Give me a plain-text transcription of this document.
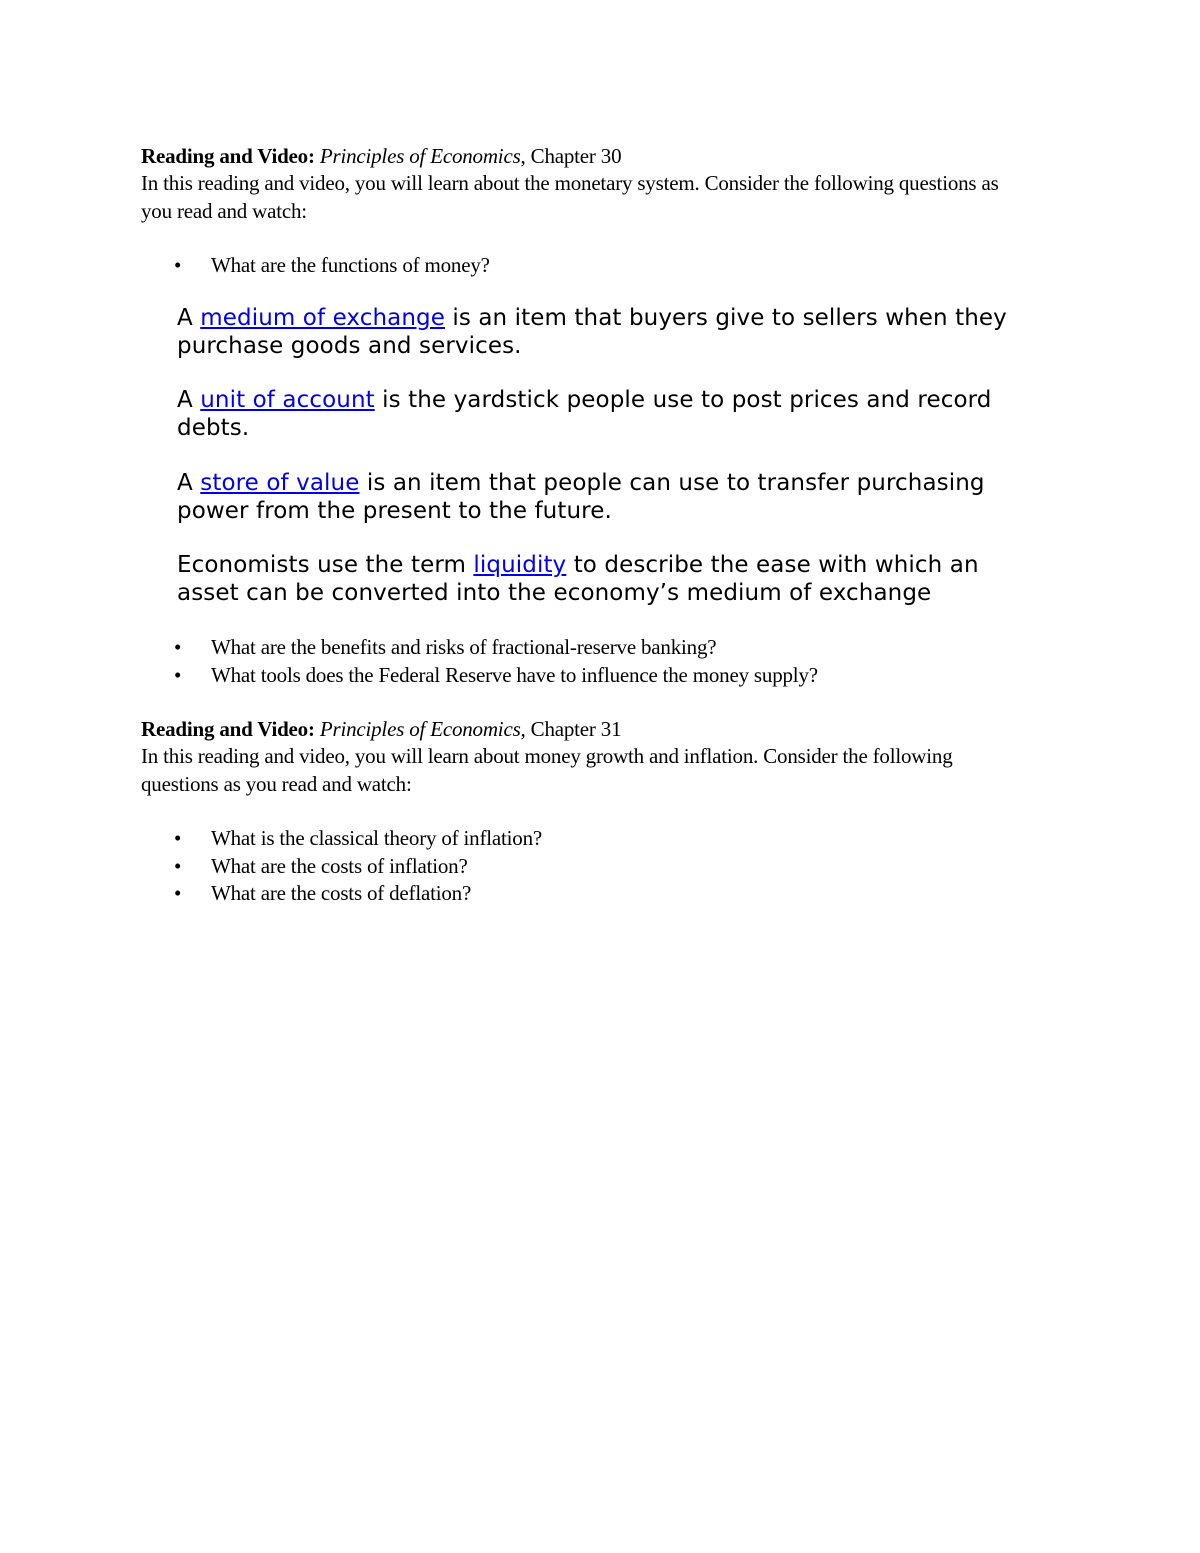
Reading and Video: Principles of Economics, Chapter 30
In this reading and video, you will learn about the monetary system. Consider the following questions as you read and watch:
• What are the functions of money?
A medium of exchange is an item that buyers give to sellers when they purchase goods and services.
A unit of account is the yardstick people use to post prices and record debts.
A store of value is an item that people can use to transfer purchasing power from the present to the future.
Economists use the term liquidity to describe the ease with which an asset can be converted into the economy’s medium of exchange
• What are the benefits and risks of fractional-reserve banking?
• What tools does the Federal Reserve have to influence the money supply?
Reading and Video: Principles of Economics, Chapter 31
In this reading and video, you will learn about money growth and inflation. Consider the following questions as you read and watch:
• What is the classical theory of inflation?
• What are the costs of inflation?
• What are the costs of deflation?
